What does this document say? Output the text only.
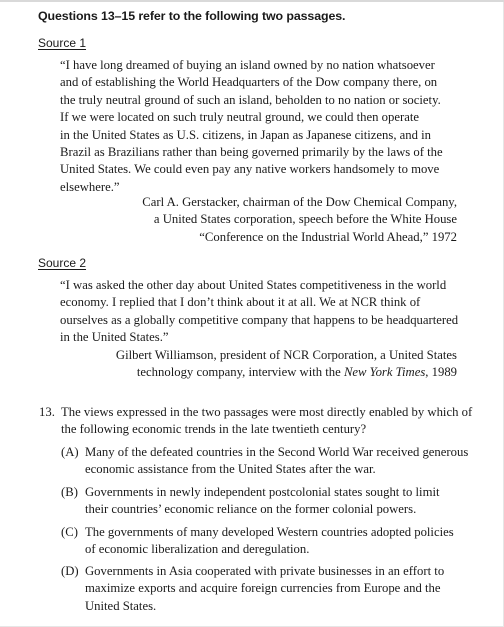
Questions 13–15 refer to the following two passages.
Source 1
“I have long dreamed of buying an island owned by no nation whatsoever
and of establishing the World Headquarters of the Dow company there, on
the truly neutral ground of such an island, beholden to no nation or society.
If we were located on such truly neutral ground, we could then operate
in the United States as U.S. citizens, in Japan as Japanese citizens, and in
Brazil as Brazilians rather than being governed primarily by the laws of the
United States. We could even pay any native workers handsomely to move
elsewhere.”
Carl A. Gerstacker, chairman of the Dow Chemical Company,
a United States corporation, speech before the White House
“Conference on the Industrial World Ahead,” 1972
Source 2
“I was asked the other day about United States competitiveness in the world
economy. I replied that I don’t think about it at all. We at NCR think of
ourselves as a globally competitive company that happens to be headquartered
in the United States.”
Gilbert Williamson, president of NCR Corporation, a United States
technology company, interview with the New York Times, 1989
13. The views expressed in the two passages were most directly enabled by which of
the following economic trends in the late twentieth century?
(A) Many of the defeated countries in the Second World War received generous
economic assistance from the United States after the war.
(B) Governments in newly independent postcolonial states sought to limit
their countries’ economic reliance on the former colonial powers.
(C) The governments of many developed Western countries adopted policies
of economic liberalization and deregulation.
(D) Governments in Asia cooperated with private businesses in an effort to
maximize exports and acquire foreign currencies from Europe and the
United States.
